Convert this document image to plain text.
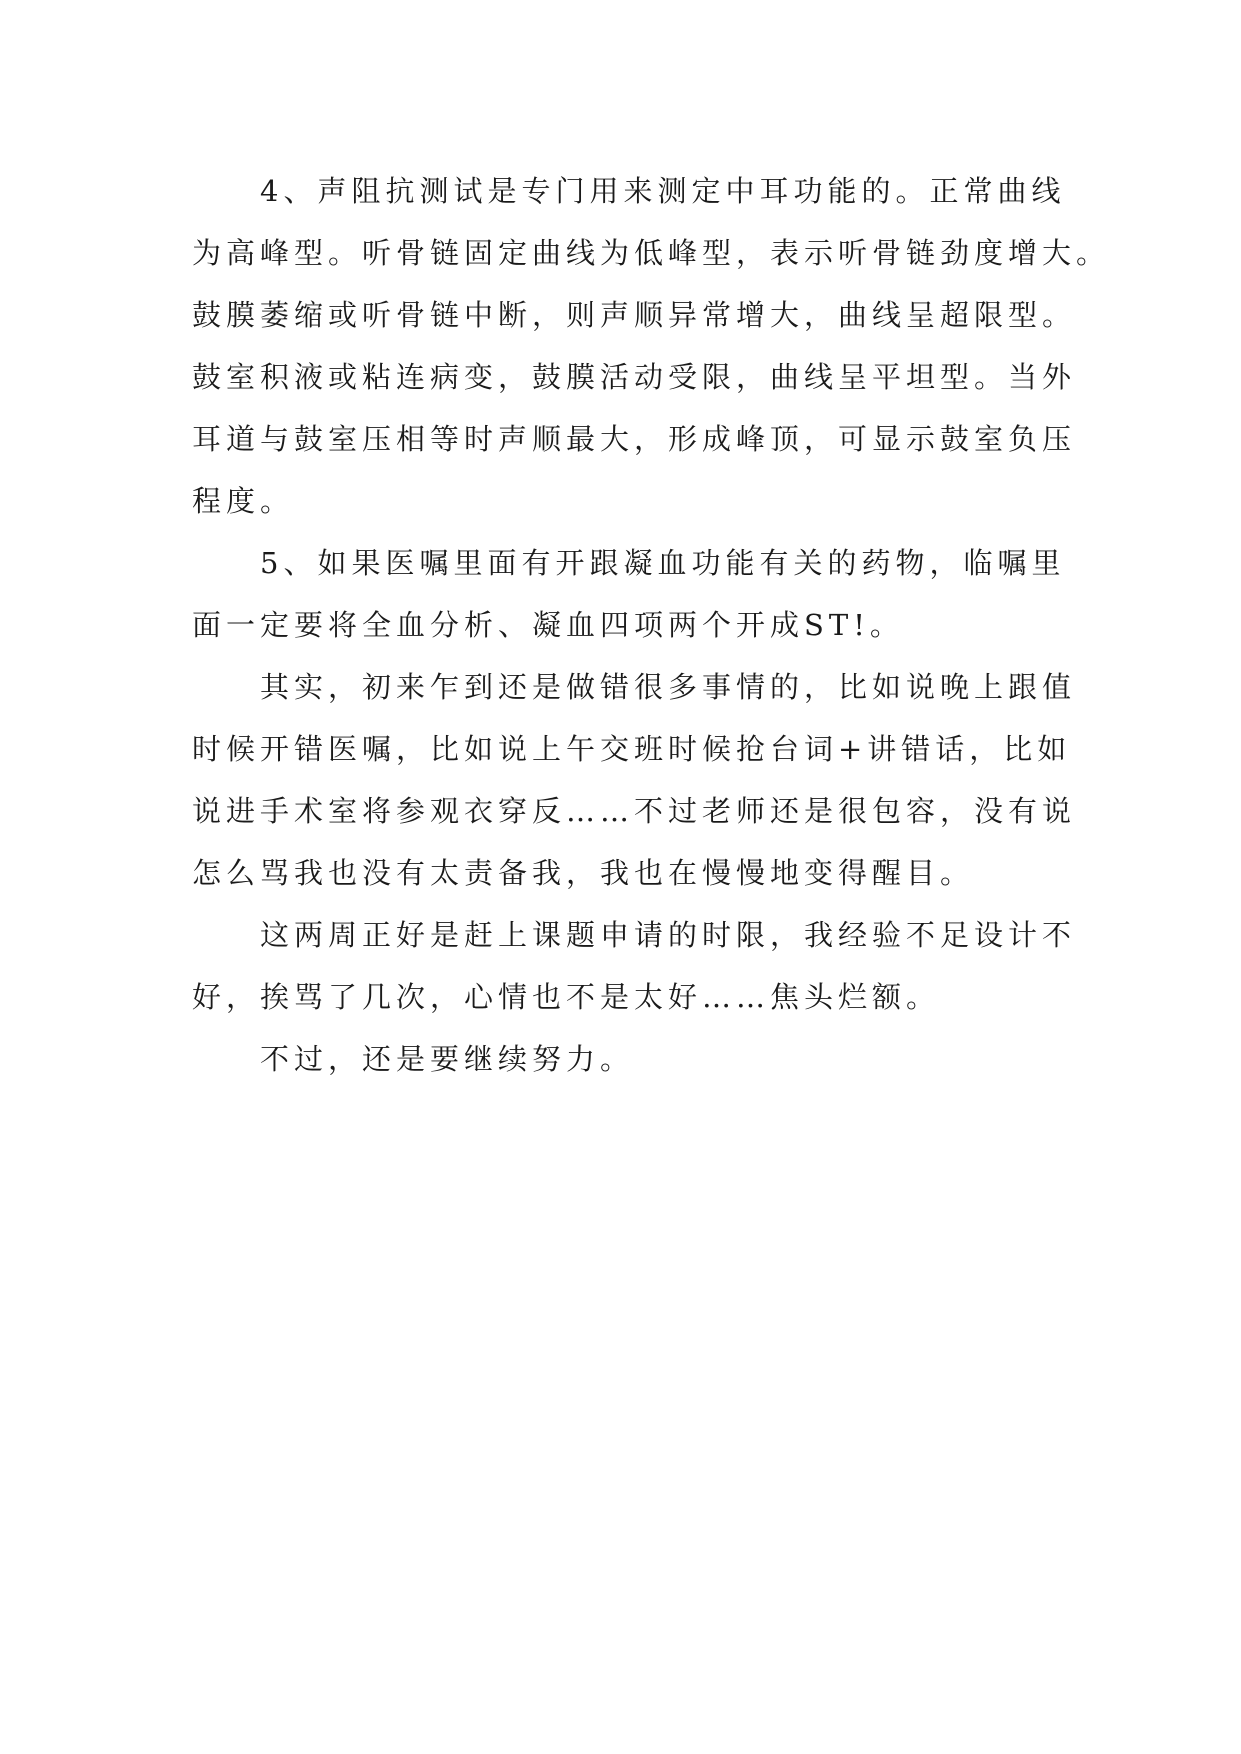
4、声阻抗测试是专门用来测定中耳功能的。正常曲线
为高峰型。听骨链固定曲线为低峰型，表示听骨链劲度增大。
鼓膜萎缩或听骨链中断，则声顺异常增大，曲线呈超限型。
鼓室积液或粘连病变，鼓膜活动受限，曲线呈平坦型。当外
耳道与鼓室压相等时声顺最大，形成峰顶，可显示鼓室负压
程度。
5、如果医嘱里面有开跟凝血功能有关的药物，临嘱里
面一定要将全血分析、凝血四项两个开成ST!。
其实，初来乍到还是做错很多事情的，比如说晚上跟值
时候开错医嘱，比如说上午交班时候抢台词+讲错话，比如
说进手术室将参观衣穿反……不过老师还是很包容，没有说
怎么骂我也没有太责备我，我也在慢慢地变得醒目。
这两周正好是赶上课题申请的时限，我经验不足设计不
好，挨骂了几次，心情也不是太好……焦头烂额。
不过，还是要继续努力。
